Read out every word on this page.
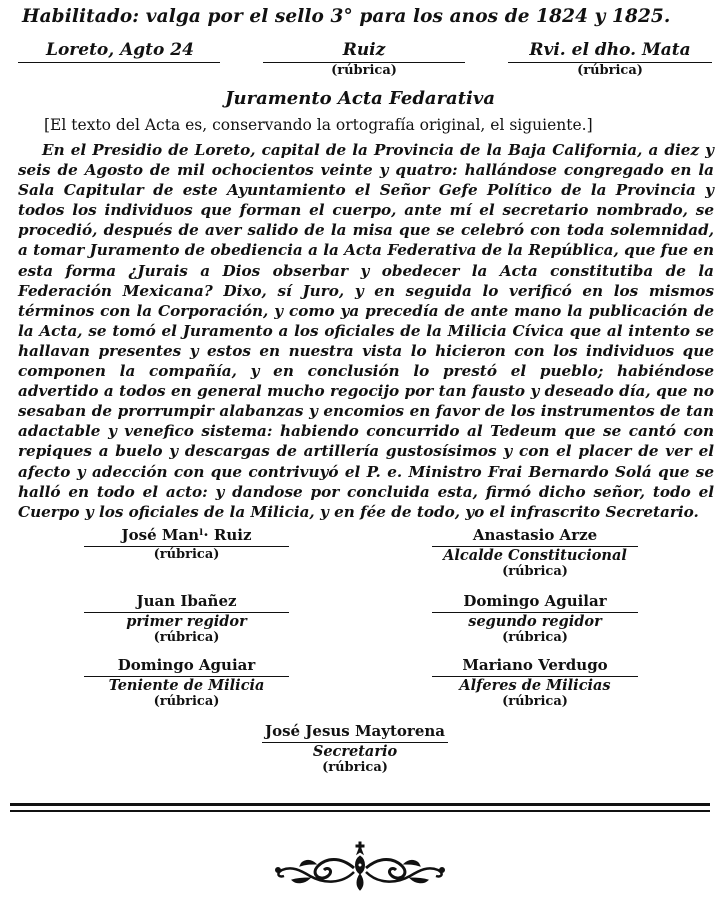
Habilitado: valga por el sello 3° para los anos de 1824 y 1825.
Loreto, Agto 24	Ruiz
(rúbrica)
Rvi. el dho. Mata
(rúbrica)
Juramento Acta Fedarativa
[El texto del Acta es, conservando la ortografía original, el siguiente.]
En el Presidio de Loreto, capital de la Provincia de la Baja California, a diez y seis de Agosto de mil ochocientos veinte y quatro: hallándose congregado en la Sala Capitular de este Ayuntamiento el Señor Gefe Político de la Provincia y todos los individuos que forman el cuerpo, ante mí el secretario nombrado, se procedió, después de aver salido de la misa que se celebró con toda solemnidad, a tomar Juramento de obediencia a la Acta Federativa de la República, que fue en esta forma ¿Jurais a Dios obserbar y obedecer la Acta constitutiba de la Federación Mexicana? Dixo, sí Juro, y en seguida lo verificó en los mismos términos con la Corporación, y como ya precedía de ante mano la publicación de la Acta, se tomó el Juramento a los oficiales de la Milicia Cívica que al intento se hallavan presentes y estos en nuestra vista lo hicieron con los individuos que componen la compañía, y en conclusión lo prestó el pueblo; habiéndose advertido a todos en general mucho regocijo por tan fausto y deseado día, que no sesaban de prorrumpir alabanzas y encomios en favor de los instrumentos de tan adactable y venefico sistema: habiendo concurrido al Tedeum que se cantó con repiques a buelo y descargas de artillería gustosísimos y con el placer de ver el afecto y adección con que contrivuyó el P. e. Ministro Frai Bernardo Solá que se halló en todo el acto: y dandose por concluida esta, firmó dicho señor, todo el Cuerpo y los oficiales de la Milicia, y en fée de todo, yo el infrascrito Secretario.
José Manˡ· Ruiz
(rúbrica)
Anastasio Arze
Alcalde Constitucional
(rúbrica)
Juan Ibañez
primer regidor
(rúbrica)
Domingo Aguilar
segundo regidor
(rúbrica)
Domingo Aguiar
Teniente de Milicia
(rúbrica)
Mariano Verdugo
Alferes de Milicias
(rúbrica)
José Jesus Maytorena
Secretario
(rúbrica)
